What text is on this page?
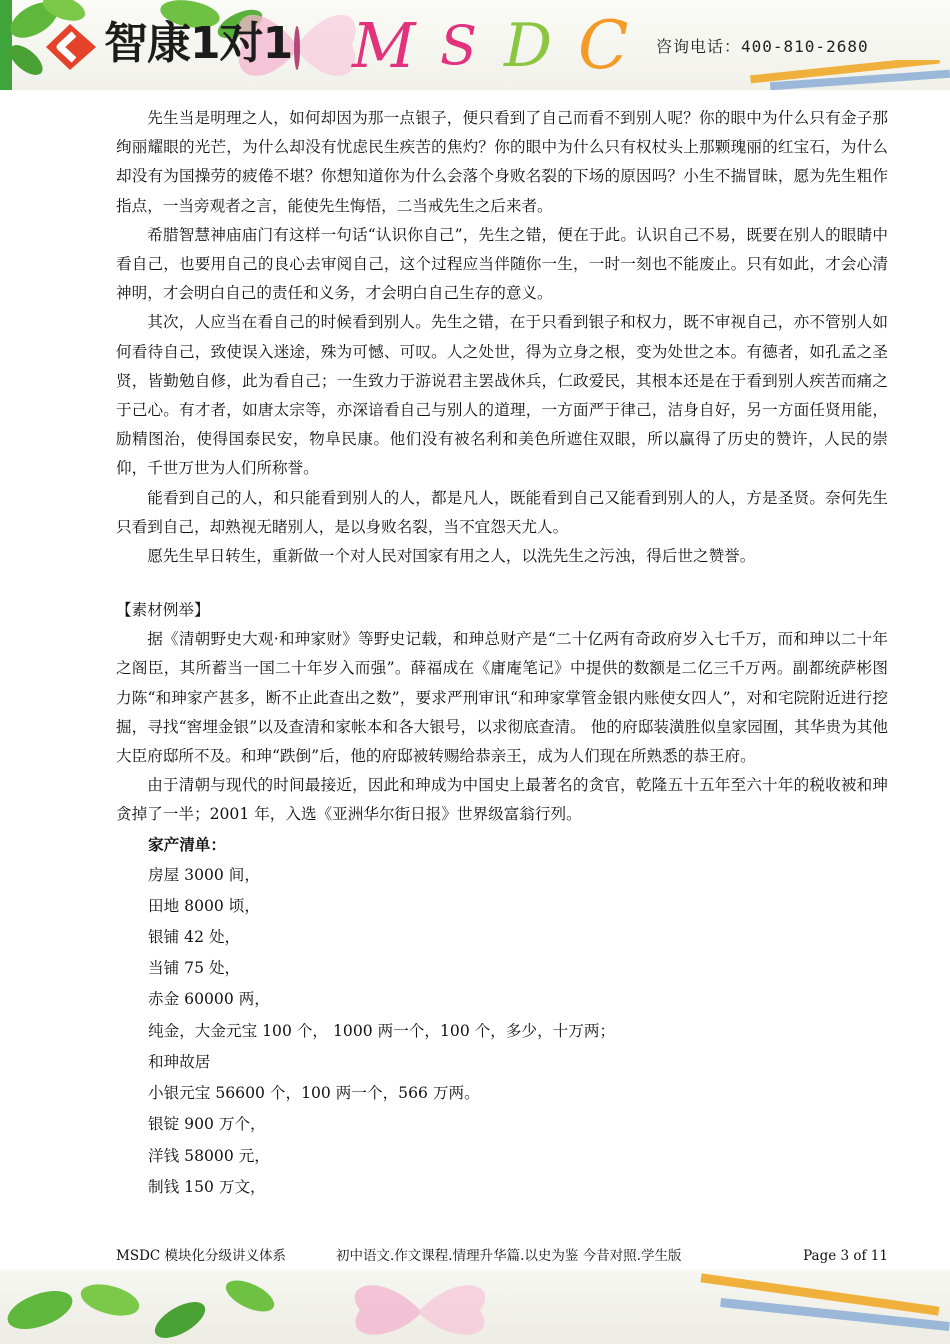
智康1对1 M S D C 咨询电话：400-810-2680

先生当是明理之人，如何却因为那一点银子，便只看到了自己而看不到别人呢？你的眼中为什么只有金子那绚丽耀眼的光芒，为什么却没有忧虑民生疾苦的焦灼？你的眼中为什么只有权杖头上那颗瑰丽的红宝石，为什么却没有为国操劳的疲倦不堪？你想知道你为什么会落个身败名裂的下场的原因吗？小生不揣冒昧，愿为先生粗作指点，一当旁观者之言，能使先生悔悟，二当戒先生之后来者。

希腊智慧神庙庙门有这样一句话“认识你自己”，先生之错，便在于此。认识自己不易，既要在别人的眼睛中看自己，也要用自己的良心去审阅自己，这个过程应当伴随你一生，一时一刻也不能废止。只有如此，才会心清神明，才会明白自己的责任和义务，才会明白自己生存的意义。

其次，人应当在看自己的时候看到别人。先生之错，在于只看到银子和权力，既不审视自己，亦不管别人如何看待自己，致使误入迷途，殊为可憾、可叹。人之处世，得为立身之根，变为处世之本。有德者，如孔孟之圣贤，皆勤勉自修，此为看自己；一生致力于游说君主罢战休兵，仁政爱民，其根本还是在于看到别人疾苦而痛之于己心。有才者，如唐太宗等，亦深谙看自己与别人的道理，一方面严于律己，洁身自好，另一方面任贤用能，励精图治，使得国泰民安，物阜民康。他们没有被名利和美色所遮住双眼，所以赢得了历史的赞许，人民的崇仰，千世万世为人们所称誉。

能看到自己的人，和只能看到别人的人，都是凡人，既能看到自己又能看到别人的人，方是圣贤。奈何先生只看到自己，却熟视无睹别人，是以身败名裂，当不宜怨天尤人。

愿先生早日转生，重新做一个对人民对国家有用之人，以洗先生之污浊，得后世之赞誉。

【素材例举】

据《清朝野史大观·和珅家财》等野史记载，和珅总财产是“二十亿两有奇政府岁入七千万，而和珅以二十年之阁臣，其所蓄当一国二十年岁入而强”。薛福成在《庸庵笔记》中提供的数额是二亿三千万两。副都统萨彬图力陈“和珅家产甚多，断不止此查出之数”，要求严刑审讯“和珅家掌管金银内账使女四人”，对和宅院附近进行挖掘，寻找“窖埋金银”以及查清和家帐本和各大银号，以求彻底查清。 他的府邸装潢胜似皇家园囿，其华贵为其他大臣府邸所不及。和珅“跌倒”后，他的府邸被转赐给恭亲王，成为人们现在所熟悉的恭王府。

由于清朝与现代的时间最接近，因此和珅成为中国史上最著名的贪官，乾隆五十五年至六十年的税收被和珅贪掉了一半；2001 年，入选《亚洲华尔街日报》世界级富翁行列。

家产清单：

房屋 3000 间，

田地 8000 顷，

银铺 42 处，

当铺 75 处，

赤金 60000 两，

纯金，大金元宝 100 个， 1000 两一个，100 个，多少，十万两；

和珅故居

小银元宝 56600 个，100 两一个，566 万两。

银锭 900 万个，

洋钱 58000 元，

制钱 150 万文，

MSDC 模块化分级讲义体系	初中语文.作文课程.情理升华篇.以史为鉴 今昔对照.学生版	Page 3 of 11
